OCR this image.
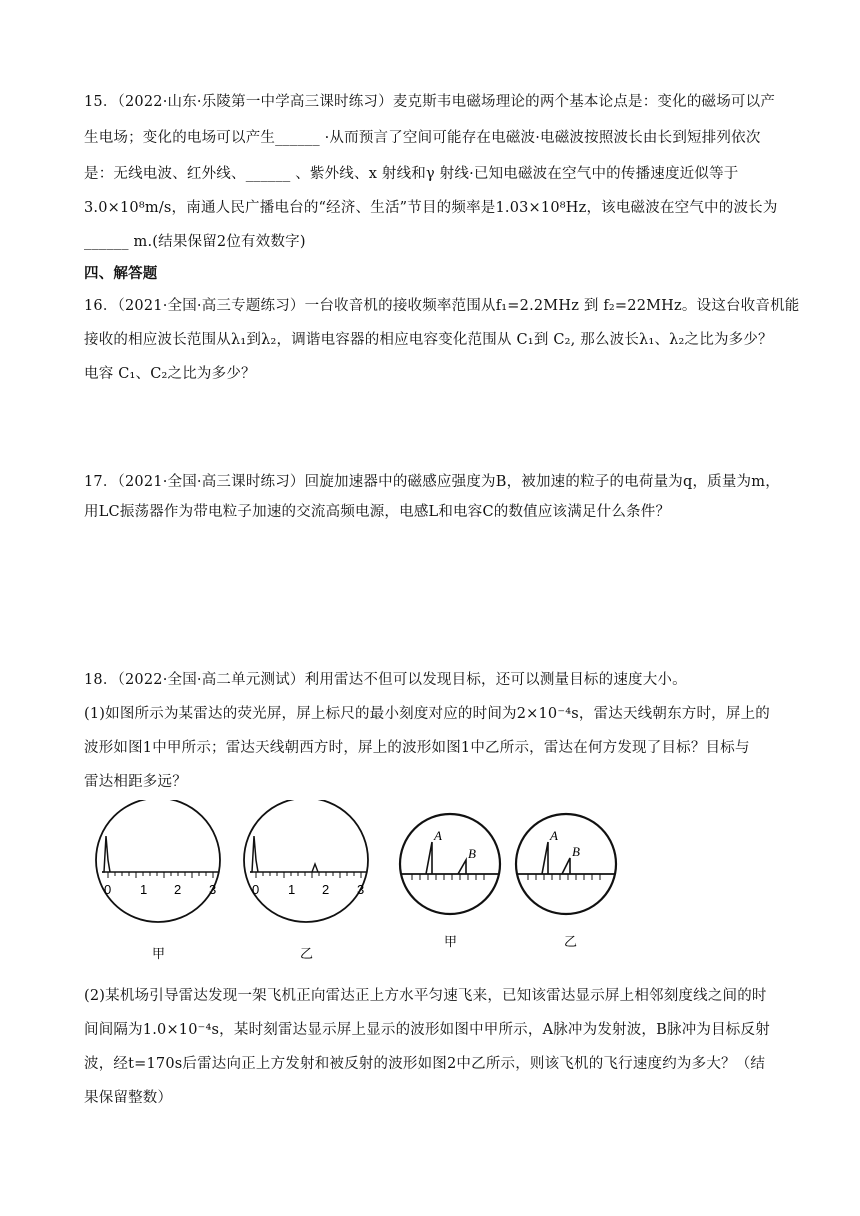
15．（2022·山东·乐陵第一中学高三课时练习）麦克斯韦电磁场理论的两个基本论点是：变化的磁场可以产
生电场；变化的电场可以产生______ ·从而预言了空间可能存在电磁波·电磁波按照波长由长到短排列依次
是：无线电波、红外线、______ 、紫外线、x 射线和γ 射线·已知电磁波在空气中的传播速度近似等于
3.0×10⁸m/s，南通人民广播电台的“经济、生活”节目的频率是1.03×10⁸Hz，该电磁波在空气中的波长为
______ m.(结果保留2位有效数字)
四、解答题
16．（2021·全国·高三专题练习）一台收音机的接收频率范围从f₁=2.2MHz 到 f₂=22MHz。设这台收音机能
接收的相应波长范围从λ₁到λ₂，调谐电容器的相应电容变化范围从 C₁到 C₂, 那么波长λ₁、λ₂之比为多少？
电容 C₁、C₂之比为多少？
17．（2021·全国·高三课时练习）回旋加速器中的磁感应强度为B，被加速的粒子的电荷量为q，质量为m，
用LC振荡器作为带电粒子加速的交流高频电源，电感L和电容C的数值应该满足什么条件？
18．（2022·全国·高二单元测试）利用雷达不但可以发现目标，还可以测量目标的速度大小。
(1)如图所示为某雷达的荧光屏，屏上标尺的最小刻度对应的时间为2×10⁻⁴s，雷达天线朝东方时，屏上的
波形如图1中甲所示；雷达天线朝西方时，屏上的波形如图1中乙所示，雷达在何方发现了目标？目标与
雷达相距多远？
0 1 2 3
甲
0 1 2 3
乙
A
B
甲
A
B
乙
(2)某机场引导雷达发现一架飞机正向雷达正上方水平匀速飞来，已知该雷达显示屏上相邻刻度线之间的时
间间隔为1.0×10⁻⁴s，某时刻雷达显示屏上显示的波形如图中甲所示，A脉冲为发射波，B脉冲为目标反射
波，经t=170s后雷达向正上方发射和被反射的波形如图2中乙所示，则该飞机的飞行速度约为多大？（结
果保留整数）
